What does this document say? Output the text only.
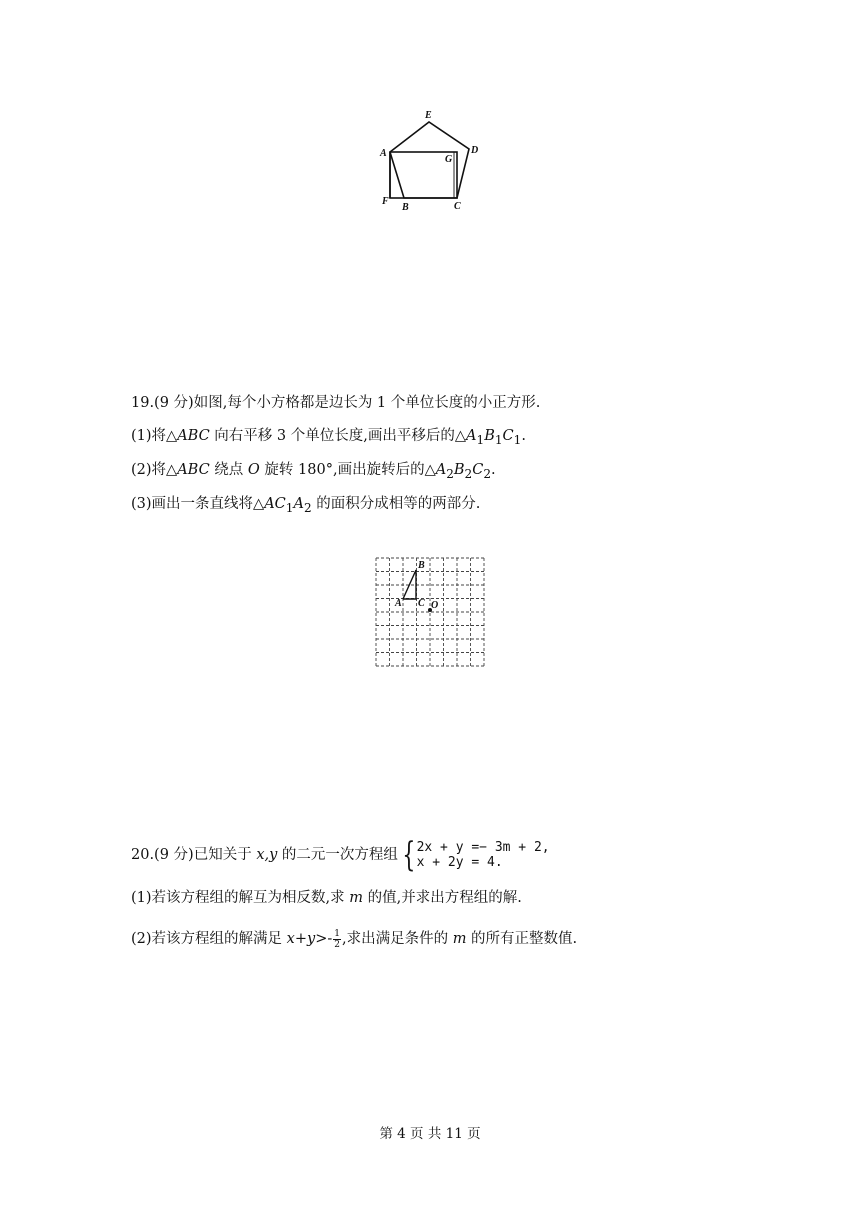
E
A
G
D
F
B	C
19.(9 分)如图,每个小方格都是边长为 1 个单位长度的小正方形.
(1)将△ABC 向右平移 3 个单位长度,画出平移后的$\triangle A_1B_1C_1$.
(2)将△ABC 绕点 O 旋转 180°,画出旋转后的$\triangle A_2B_2C_2$.
(3)画出一条直线将$\triangle AC_1A_2$ 的面积分成相等的两部分.
B
A C O
20.(9 分)已知关于 x,y 的二元一次方程组 { 2x + y =− 3m + 2,
x + 2y = 4.
(1)若该方程组的解互为相反数,求 m 的值,并求出方程组的解.
(2)若该方程组的解满足 $x+y>- \frac{1}{2}$ ,求出满足条件的 m 的所有正整数值.
第 4 页 共 11 页
